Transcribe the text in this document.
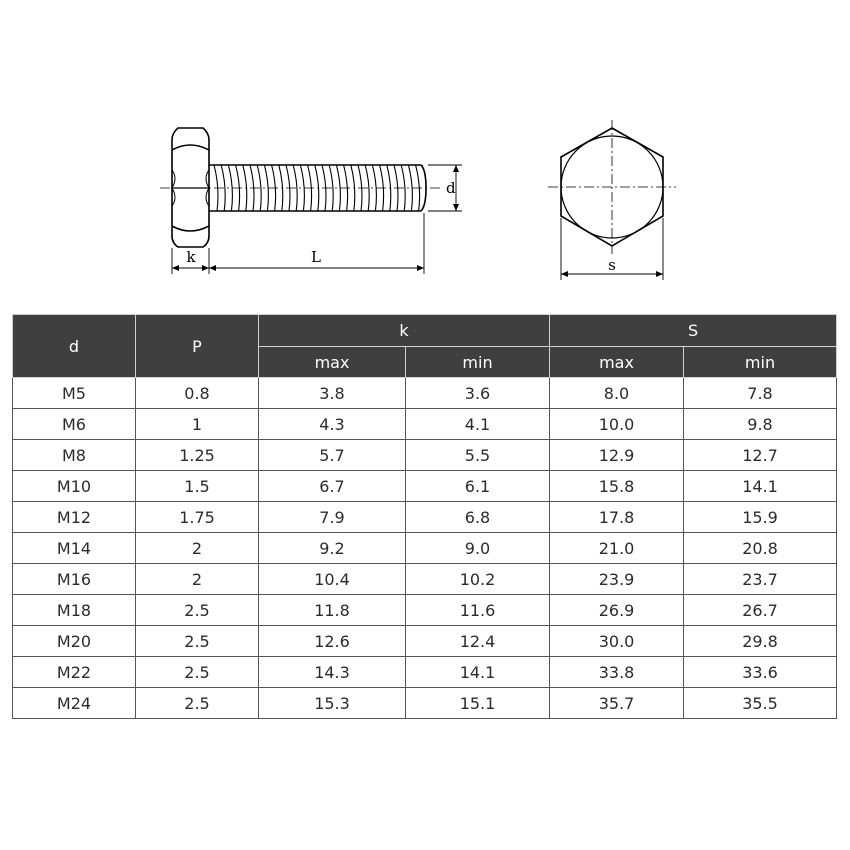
k	L
d
s
d	P	k		S	
		max	min	max	min
M5	0.8	3.8	3.6	8.0	7.8
M6	1	4.3	4.1	10.0	9.8
M8	1.25	5.7	5.5	12.9	12.7
M10	1.5	6.7	6.1	15.8	14.1
M12	1.75	7.9	6.8	17.8	15.9
M14	2	9.2	9.0	21.0	20.8
M16	2	10.4	10.2	23.9	23.7
M18	2.5	11.8	11.6	26.9	26.7
M20	2.5	12.6	12.4	30.0	29.8
M22	2.5	14.3	14.1	33.8	33.6
M24	2.5	15.3	15.1	35.7	35.5
